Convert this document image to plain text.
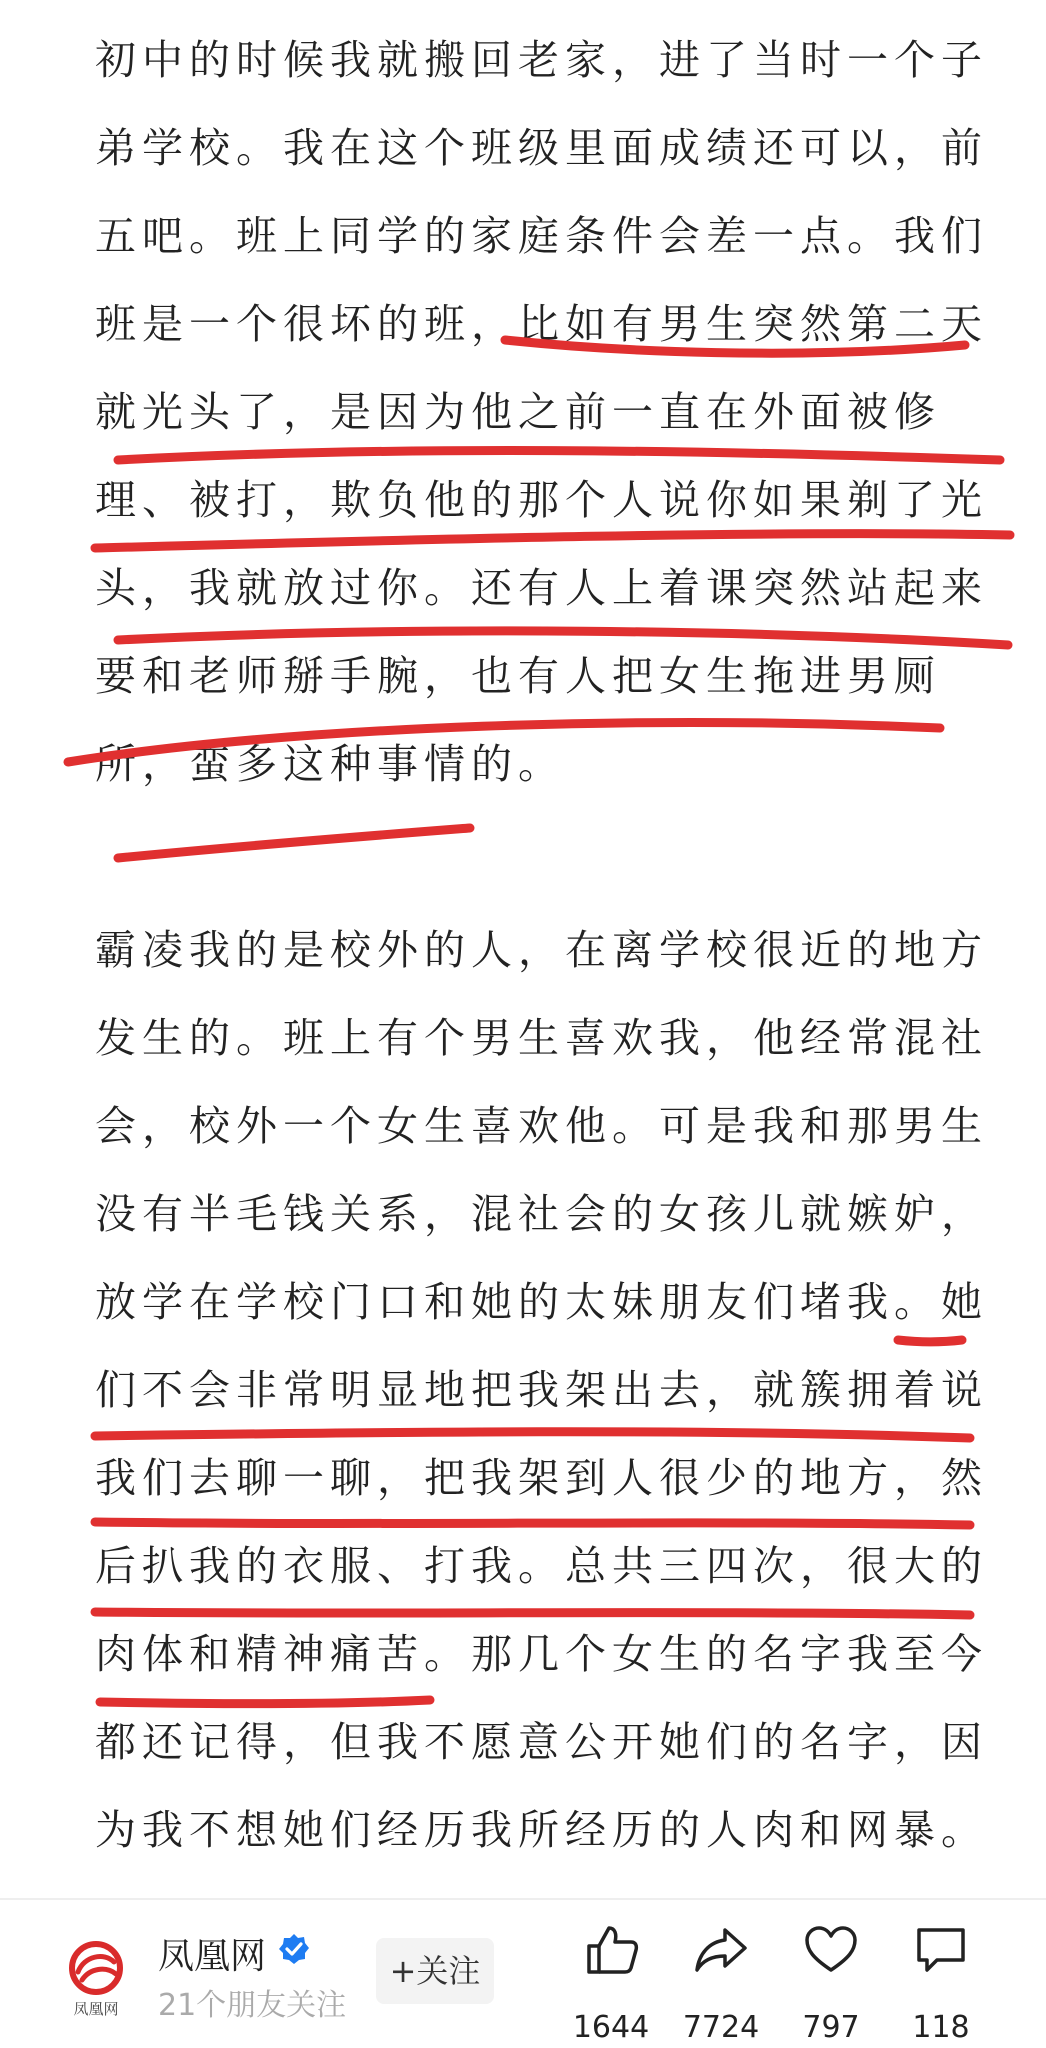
初中的时候我就搬回老家，进了当时一个子
弟学校。我在这个班级里面成绩还可以，前
五吧。班上同学的家庭条件会差一点。我们
班是一个很坏的班，比如有男生突然第二天
就光头了，是因为他之前一直在外面被修
理、被打，欺负他的那个人说你如果剃了光
头，我就放过你。还有人上着课突然站起来
要和老师掰手腕，也有人把女生拖进男厕
所，蛮多这种事情的。
霸凌我的是校外的人，在离学校很近的地方
发生的。班上有个男生喜欢我，他经常混社
会，校外一个女生喜欢他。可是我和那男生
没有半毛钱关系，混社会的女孩儿就嫉妒，
放学在学校门口和她的太妹朋友们堵我。她
们不会非常明显地把我架出去，就簇拥着说
我们去聊一聊，把我架到人很少的地方，然
后扒我的衣服、打我。总共三四次，很大的
肉体和精神痛苦。那几个女生的名字我至今
都还记得，但我不愿意公开她们的名字，因
为我不想她们经历我所经历的人肉和网暴。
凤凰网
凤凰网
21个朋友关注
+关注
1644	7724	797	118
